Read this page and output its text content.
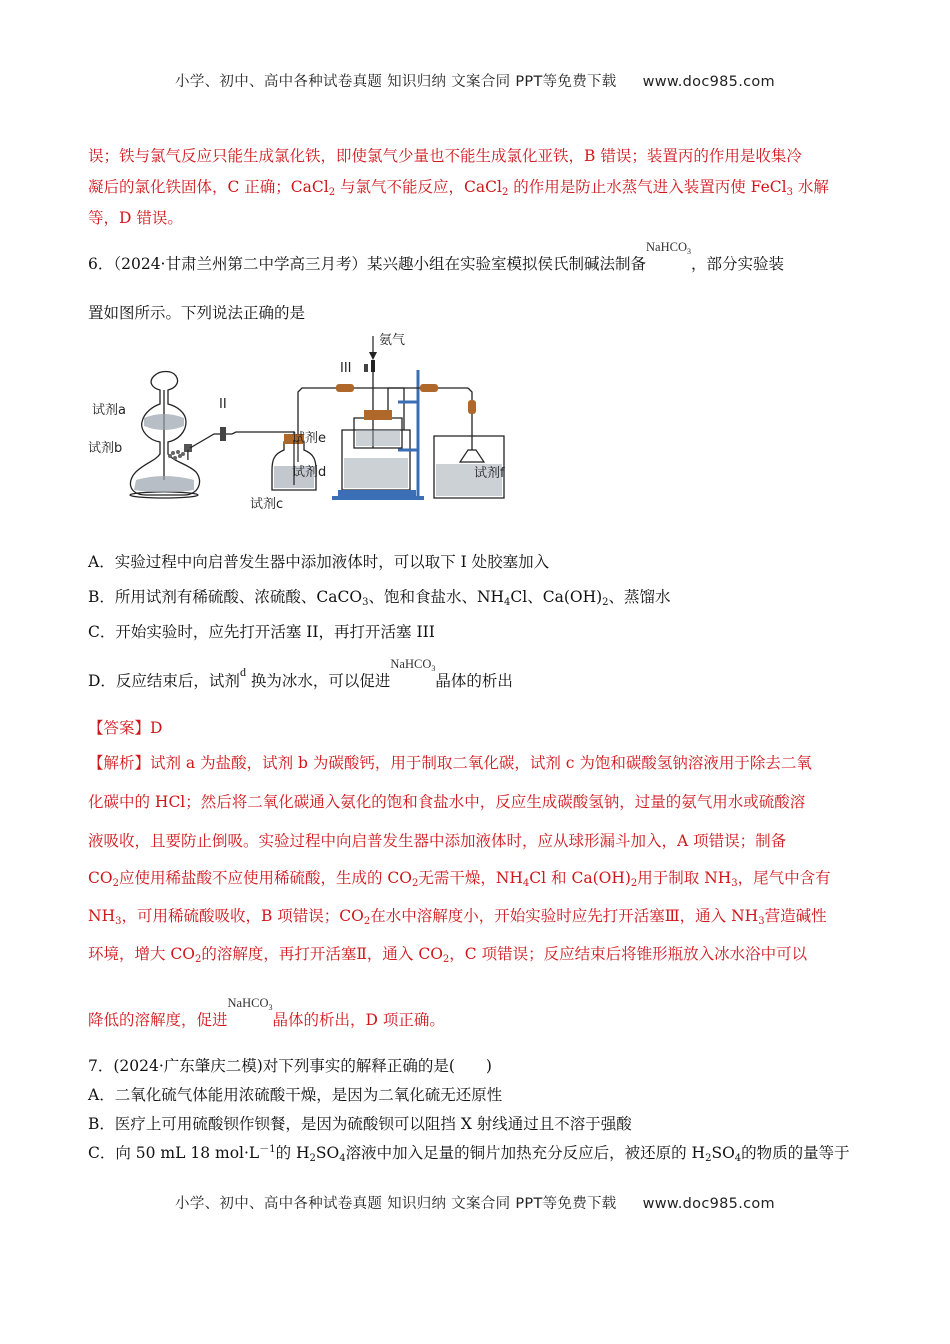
小学、初中、高中各种试卷真题 知识归纳 文案合同 PPT等免费下载 www.doc985.com
误；铁与氯气反应只能生成氯化铁，即使氯气少量也不能生成氯化亚铁，B 错误；装置丙的作用是收集冷
凝后的氯化铁固体，C 正确；CaCl$_2$ 与氯气不能反应，CaCl$_2$ 的作用是防止水蒸气进入装置丙使 FeCl$_3$ 水解
等，D 错误。
6．（2024·甘肃兰州第二中学高三月考）某兴趣小组在实验室模拟侯氏制碱法制备NaHCO$_3$，部分实验装
置如图所示。下列说法正确的是
氨气
III
II
I
试剂a
试剂b
试剂c
试剂e
试剂d	试剂f
A．实验过程中向启普发生器中添加液体时，可以取下 I 处胶塞加入
B．所用试剂有稀硫酸、浓硫酸、CaCO$_3$、饱和食盐水、$NH_4Cl$、$Ca(OH)_2$、蒸馏水
C．开始实验时，应先打开活塞 II，再打开活塞 III
D．反应结束后，试剂$^d$ 换为冰水，可以促进NaHCO$_3$晶体的析出
【答案】D
【解析】试剂 a 为盐酸，试剂 b 为碳酸钙，用于制取二氧化碳，试剂 c 为饱和碳酸氢钠溶液用于除去二氧
化碳中的 HCl；然后将二氧化碳通入氨化的饱和食盐水中，反应生成碳酸氢钠，过量的氨气用水或硫酸溶
液吸收，且要防止倒吸。实验过程中向启普发生器中添加液体时，应从球形漏斗加入，A 项错误；制备
$CO_2$应使用稀盐酸不应使用稀硫酸，生成的 $CO_2$无需干燥，$NH_4Cl$ 和 $Ca(OH)_2$用于制取 $NH_3$，尾气中含有
$NH_3$，可用稀硫酸吸收，B 项错误；$CO_2$在水中溶解度小，开始实验时应先打开活塞Ⅲ，通入 $NH_3$营造碱性
环境，增大 $CO_2$的溶解度，再打开活塞Ⅱ，通入 $CO_2$，C 项错误；反应结束后将锥形瓶放入冰水浴中可以
降低的溶解度，促进NaHCO$_3$晶体的析出，D 项正确。
7．(2024·广东肇庆二模)对下列事实的解释正确的是(　　)
A．二氧化硫气体能用浓硫酸干燥，是因为二氧化硫无还原性
B．医疗上可用硫酸钡作钡餐，是因为硫酸钡可以阻挡 X 射线通过且不溶于强酸
C．向 50 mL 18 $mol\cdot L^{-1}$的 $H_2SO_4$溶液中加入足量的铜片加热充分反应后，被还原的 $H_2SO_4$的物质的量等于
小学、初中、高中各种试卷真题 知识归纳 文案合同 PPT等免费下载 www.doc985.com
